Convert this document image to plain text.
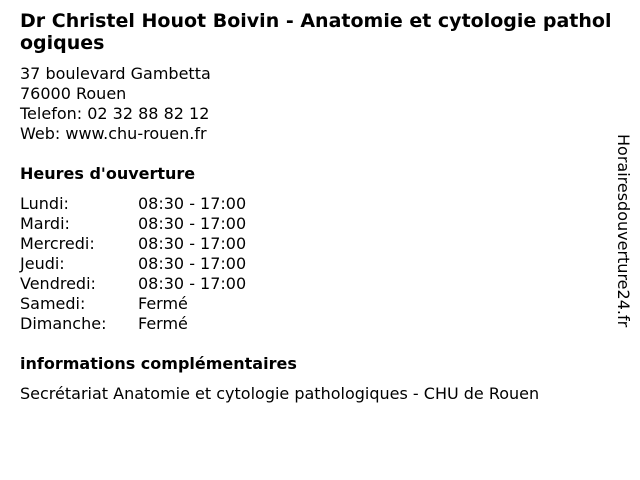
Dr Christel Houot Boivin - Anatomie et cytologie pathologiques
37 boulevard Gambetta
76000 Rouen
Telefon: 02 32 88 82 12
Web: www.chu-rouen.fr
Heures d'ouverture
Lundi:	08:30 - 17:00
Mardi:	08:30 - 17:00
Mercredi:	08:30 - 17:00
Jeudi:	08:30 - 17:00
Vendredi:	08:30 - 17:00
Samedi:	Fermé
Dimanche:	Fermé
informations complémentaires
Secrétariat Anatomie et cytologie pathologiques - CHU de Rouen
Horairesdouverture24.fr
